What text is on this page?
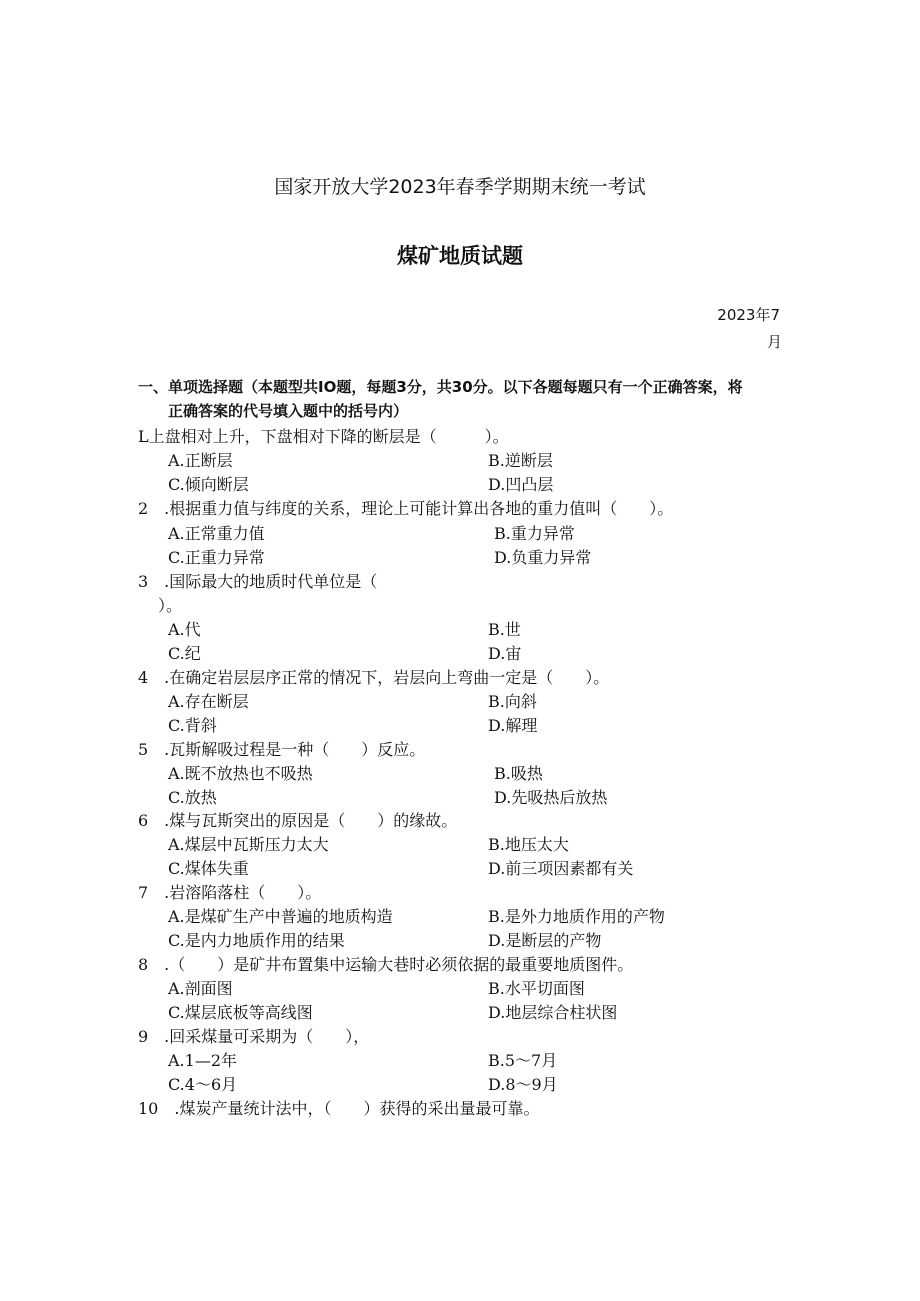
国家开放大学2023年春季学期期末统一考试
煤矿地质试题
2023年7
月
一、单项选择题（本题型共IO题，每题3分，共30分。以下各题每题只有一个正确答案，将
正确答案的代号填入题中的括号内）
L上盘相对上升，下盘相对下降的断层是（　　　）。
A.正断层	B.逆断层
C.倾向断层	D.凹凸层
2　.根据重力值与纬度的关系，理论上可能计算出各地的重力值叫（　　）。
A.正常重力值	B.重力异常
C.正重力异常	D.负重力异常
3　.国际最大的地质时代单位是（
）。
A.代	B.世
C.纪	D.宙
4　.在确定岩层层序正常的情况下，岩层向上弯曲一定是（　　）。
A.存在断层	B.向斜
C.背斜	D.解理
5　.瓦斯解吸过程是一种（　　）反应。
A.既不放热也不吸热	B.吸热
C.放热	D.先吸热后放热
6　.煤与瓦斯突出的原因是（　　）的缘故。
A.煤层中瓦斯压力太大	B.地压太大
C.煤体失重	D.前三项因素都有关
7　.岩溶陷落柱（　　）。
A.是煤矿生产中普遍的地质构造	B.是外力地质作用的产物
C.是内力地质作用的结果	D.是断层的产物
8　.（　　）是矿井布置集中运输大巷时必须依据的最重要地质图件。
A.剖面图	B.水平切面图
C.煤层底板等高线图	D.地层综合柱状图
9　.回采煤量可采期为（　　），
A.1—2年	B.5～7月
C.4～6月	D.8～9月
10　.煤炭产量统计法中，（　　）获得的采出量最可靠。
